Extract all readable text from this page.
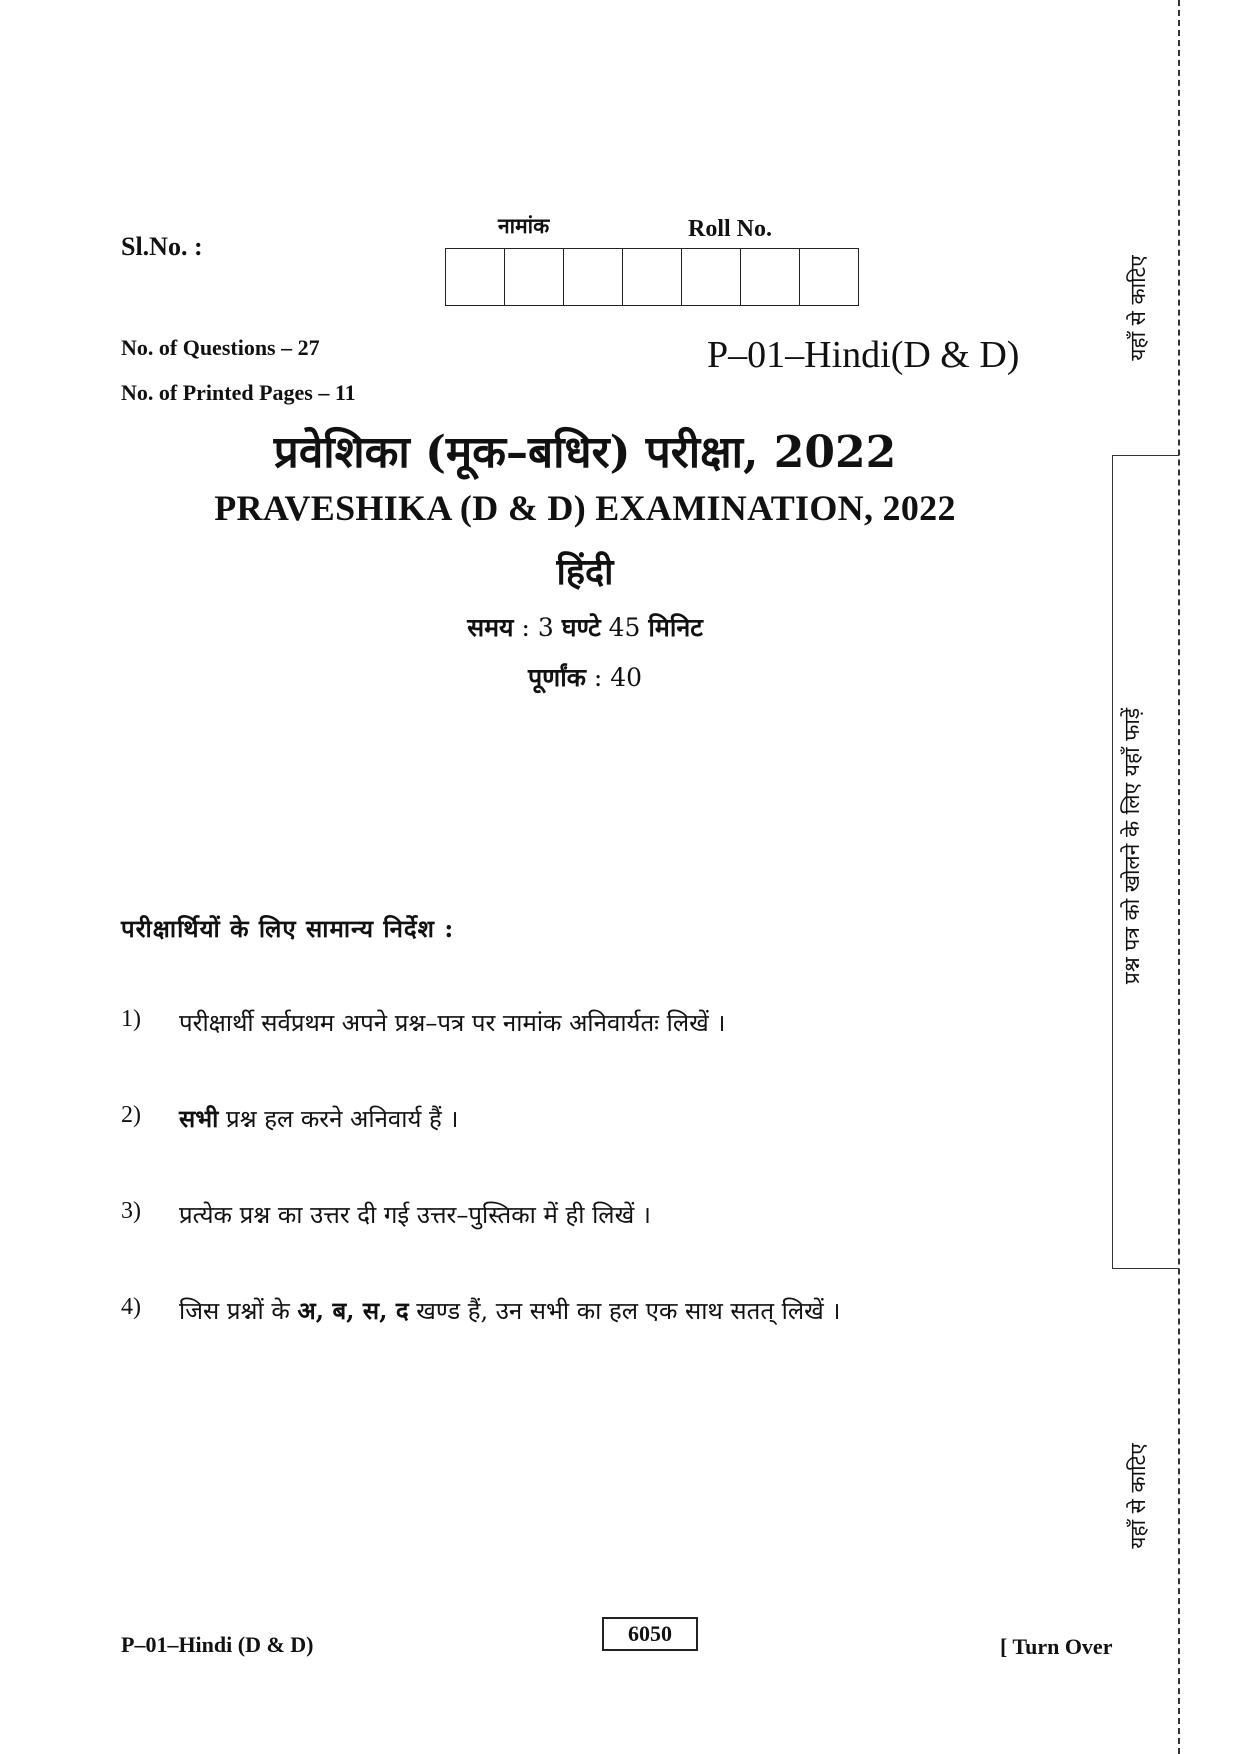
Sl.No. :
नामांक	Roll No.
No. of Questions – 27
No. of Printed Pages – 11
P–01–Hindi(D & D)
प्रवेशिका (मूक–बधिर) परीक्षा, 2022
PRAVESHIKA (D & D) EXAMINATION, 2022
हिंदी
समय : 3 घण्टे 45 मिनिट
पूर्णांक : 40
परीक्षार्थियों के लिए सामान्य निर्देश :
1)	परीक्षार्थी सर्वप्रथम अपने प्रश्न–पत्र पर नामांक अनिवार्यतः लिखें ।
2)	सभी प्रश्न हल करने अनिवार्य हैं ।
3)	प्रत्येक प्रश्न का उत्तर दी गई उत्तर–पुस्तिका में ही लिखें ।
4)	जिस प्रश्नों के अ, ब, स, द खण्ड हैं, उन सभी का हल एक साथ सतत् लिखें ।
P–01–Hindi (D & D)	6050
[ Turn Over
यहाँ से काटिए
प्रश्न पत्र को खोलने के लिए यहाँ फाड़ें
यहाँ से काटिए
